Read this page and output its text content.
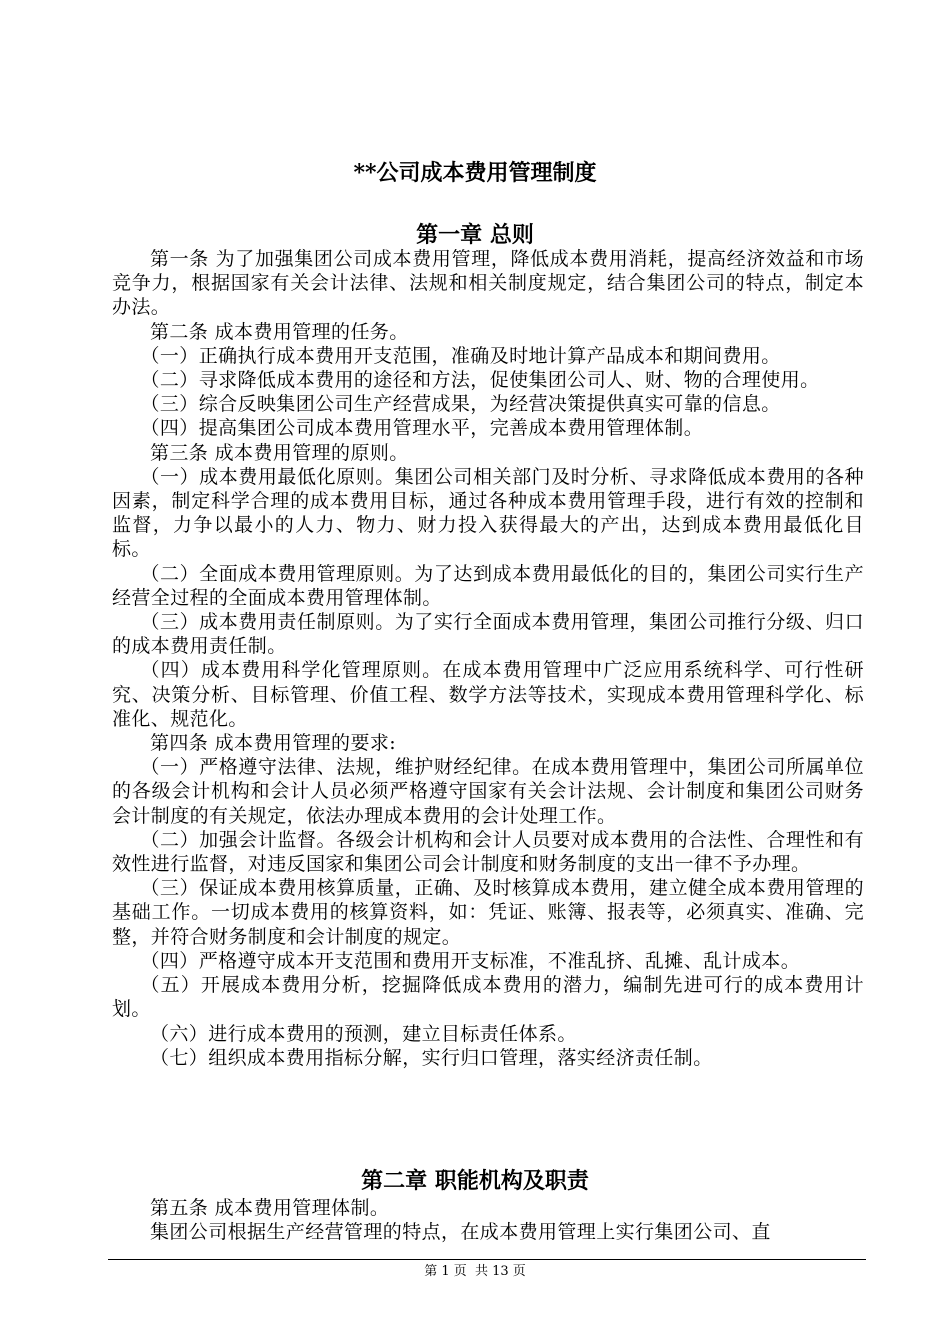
**公司成本费用管理制度
第一章 总则

第一条 为了加强集团公司成本费用管理，降低成本费用消耗，提高经济效益和市场竞争力，根据国家有关会计法律、法规和相关制度规定，结合集团公司的特点，制定本办法。

第二条 成本费用管理的任务。

（一）正确执行成本费用开支范围，准确及时地计算产品成本和期间费用。

（二）寻求降低成本费用的途径和方法，促使集团公司人、财、物的合理使用。

（三）综合反映集团公司生产经营成果，为经营决策提供真实可靠的信息。

（四）提高集团公司成本费用管理水平，完善成本费用管理体制。

第三条 成本费用管理的原则。

（一）成本费用最低化原则。集团公司相关部门及时分析、寻求降低成本费用的各种因素，制定科学合理的成本费用目标，通过各种成本费用管理手段，进行有效的控制和监督，力争以最小的人力、物力、财力投入获得最大的产出，达到成本费用最低化目标。

（二）全面成本费用管理原则。为了达到成本费用最低化的目的，集团公司实行生产经营全过程的全面成本费用管理体制。

（三）成本费用责任制原则。为了实行全面成本费用管理，集团公司推行分级、归口的成本费用责任制。

（四）成本费用科学化管理原则。在成本费用管理中广泛应用系统科学、可行性研究、决策分析、目标管理、价值工程、数学方法等技术，实现成本费用管理科学化、标准化、规范化。

第四条 成本费用管理的要求:

（一）严格遵守法律、法规，维护财经纪律。在成本费用管理中，集团公司所属单位的各级会计机构和会计人员必须严格遵守国家有关会计法规、会计制度和集团公司财务会计制度的有关规定，依法办理成本费用的会计处理工作。

（二）加强会计监督。各级会计机构和会计人员要对成本费用的合法性、合理性和有效性进行监督，对违反国家和集团公司会计制度和财务制度的支出一律不予办理。

（三）保证成本费用核算质量，正确、及时核算成本费用，建立健全成本费用管理的基础工作。一切成本费用的核算资料，如：凭证、账簿、报表等，必须真实、准确、完整，并符合财务制度和会计制度的规定。

（四）严格遵守成本开支范围和费用开支标准，不准乱挤、乱摊、乱计成本。

（五）开展成本费用分析，挖掘降低成本费用的潜力，编制先进可行的成本费用计划。

（六）进行成本费用的预测，建立目标责任体系。

（七）组织成本费用指标分解，实行归口管理，落实经济责任制。

第二章 职能机构及职责

第五条 成本费用管理体制。

集团公司根据生产经营管理的特点，在成本费用管理上实行集团公司、直

第 1 页  共 13 页
